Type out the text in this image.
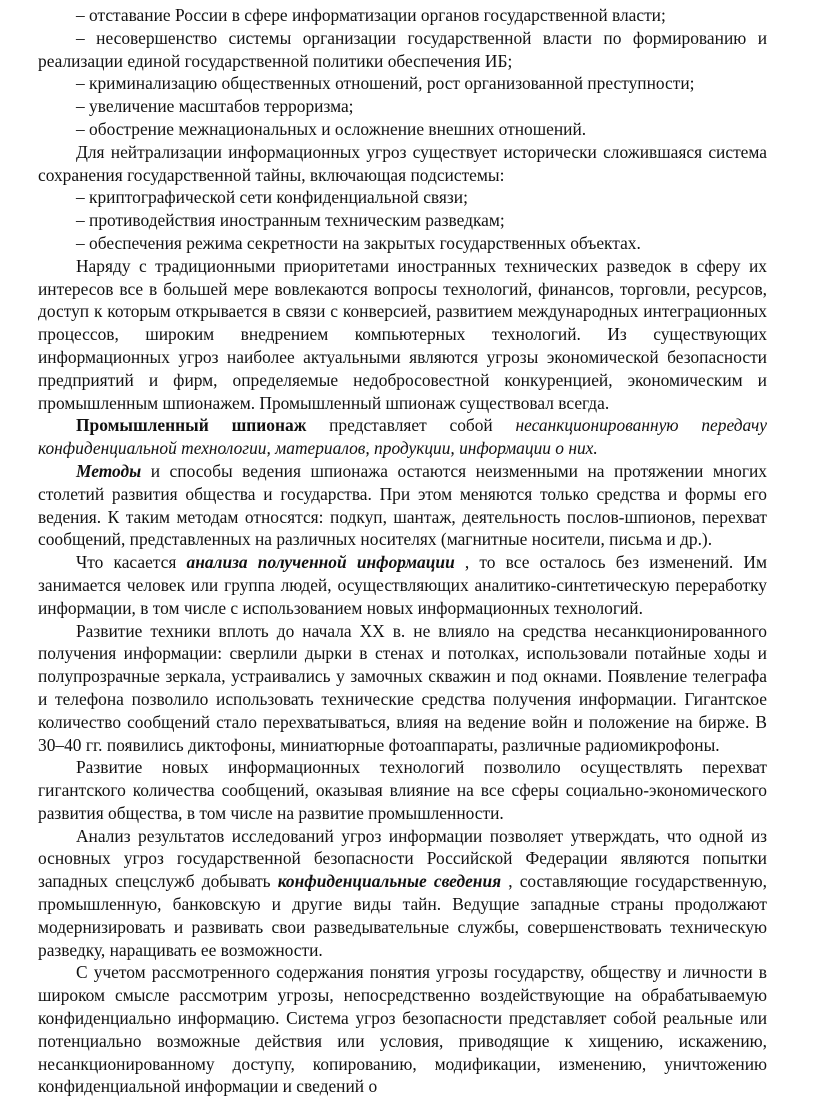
– отставание России в сфере информатизации органов государственной власти;

– несовершенство системы организации государственной власти по формированию и реализации единой государственной политики обеспечения ИБ;

– криминализацию общественных отношений, рост организованной преступности;

– увеличение масштабов терроризма;

– обострение межнациональных и осложнение внешних отношений.

Для нейтрализации информационных угроз существует исторически сложившаяся система сохранения государственной тайны, включающая подсистемы:

– криптографической сети конфиденциальной связи;

– противодействия иностранным техническим разведкам;

– обеспечения режима секретности на закрытых государственных объектах.

Наряду с традиционными приоритетами иностранных технических разведок в сферу их интересов все в большей мере вовлекаются вопросы технологий, финансов, торговли, ресурсов, доступ к которым открывается в связи с конверсией, развитием международных интеграционных процессов, широким внедрением компьютерных технологий. Из существующих информационных угроз наиболее актуальными являются угрозы экономической безопасности предприятий и фирм, определяемые недобросовестной конкуренцией, экономическим и промышленным шпионажем. Промышленный шпионаж существовал всегда.

Промышленный шпионаж представляет собой несанкционированную передачу конфиденциальной технологии, материалов, продукции, информации о них.

Методы и способы ведения шпионажа остаются неизменными на протяжении многих столетий развития общества и государства. При этом меняются только средства и формы его ведения. К таким методам относятся: подкуп, шантаж, деятельность послов-шпионов, перехват сообщений, представленных на различных носителях (магнитные носители, письма и др.).

Что касается анализа полученной информации , то все осталось без изменений. Им занимается человек или группа людей, осуществляющих аналитико-синтетическую переработку информации, в том числе с использованием новых информационных технологий.

Развитие техники вплоть до начала ХХ в. не влияло на средства несанкционированного получения информации: сверлили дырки в стенах и потолках, использовали потайные ходы и полупрозрачные зеркала, устраивались у замочных скважин и под окнами. Появление телеграфа и телефона позволило использовать технические средства получения информации. Гигантское количество сообщений стало перехватываться, влияя на ведение войн и положение на бирже. В 30–40 гг. появились диктофоны, миниатюрные фотоаппараты, различные радиомикрофоны.

Развитие новых информационных технологий позволило осуществлять перехват гигантского количества сообщений, оказывая влияние на все сферы социально-экономического развития общества, в том числе на развитие промышленности.

Анализ результатов исследований угроз информации позволяет утверждать, что одной из основных угроз государственной безопасности Российской Федерации являются попытки западных спецслужб добывать конфиденциальные сведения , составляющие государственную, промышленную, банковскую и другие виды тайн. Ведущие западные страны продолжают модернизировать и развивать свои разведывательные службы, совершенствовать техническую разведку, наращивать ее возможности.

С учетом рассмотренного содержания понятия угрозы государству, обществу и личности в широком смысле рассмотрим угрозы, непосредственно воздействующие на обрабатываемую конфиденциально информацию. Система угроз безопасности представляет собой реальные или потенциально возможные действия или условия, приводящие к хищению, искажению, несанкционированному доступу, копированию, модификации, изменению, уничтожению конфиденциальной информации и сведений о
